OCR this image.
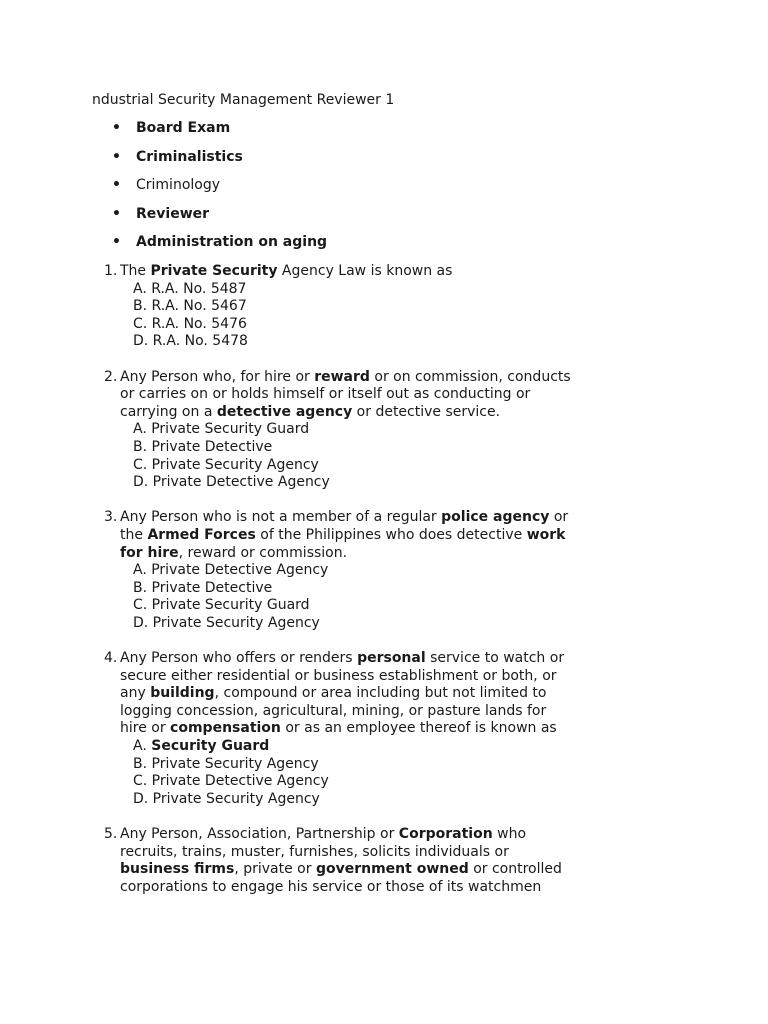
ndustrial Security Management Reviewer 1
• Board Exam
• Criminalistics
• Criminology
• Reviewer
• Administration on aging
1. The Private Security Agency Law is known as
A. R.A. No. 5487
B. R.A. No. 5467
C. R.A. No. 5476
D. R.A. No. 5478
2. Any Person who, for hire or reward or on commission, conducts or carries on or holds himself or itself out as conducting or carrying on a detective agency or detective service.
A. Private Security Guard
B. Private Detective
C. Private Security Agency
D. Private Detective Agency
3. Any Person who is not a member of a regular police agency or the Armed Forces of the Philippines who does detective work for hire, reward or commission.
A. Private Detective Agency
B. Private Detective
C. Private Security Guard
D. Private Security Agency
4. Any Person who offers or renders personal service to watch or secure either residential or business establishment or both, or any building, compound or area including but not limited to logging concession, agricultural, mining, or pasture lands for hire or compensation or as an employee thereof is known as
A. Security Guard
B. Private Security Agency
C. Private Detective Agency
D. Private Security Agency
5. Any Person, Association, Partnership or Corporation who recruits, trains, muster, furnishes, solicits individuals or business firms, private or government owned or controlled corporations to engage his service or those of its watchmen
